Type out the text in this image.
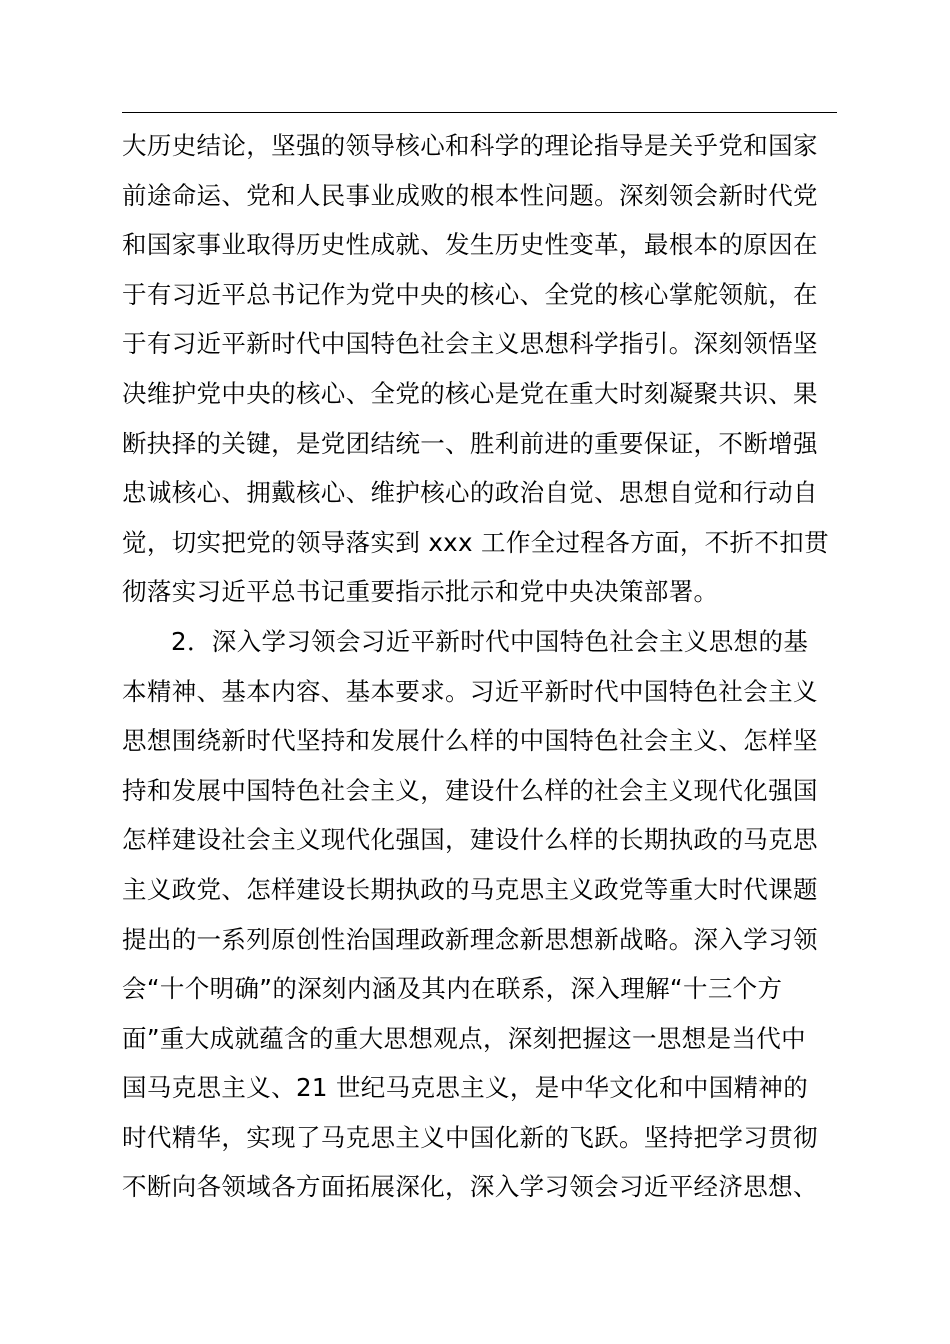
大历史结论，坚强的领导核心和科学的理论指导是关乎党和国家
前途命运、党和人民事业成败的根本性问题。深刻领会新时代党
和国家事业取得历史性成就、发生历史性变革，最根本的原因在
于有习近平总书记作为党中央的核心、全党的核心掌舵领航，在
于有习近平新时代中国特色社会主义思想科学指引。深刻领悟坚
决维护党中央的核心、全党的核心是党在重大时刻凝聚共识、果
断抉择的关键，是党团结统一、胜利前进的重要保证，不断增强
忠诚核心、拥戴核心、维护核心的政治自觉、思想自觉和行动自
觉，切实把党的领导落实到 xxx 工作全过程各方面，不折不扣贯
彻落实习近平总书记重要指示批示和党中央决策部署。
2．深入学习领会习近平新时代中国特色社会主义思想的基
本精神、基本内容、基本要求。习近平新时代中国特色社会主义
思想围绕新时代坚持和发展什么样的中国特色社会主义、怎样坚
持和发展中国特色社会主义，建设什么样的社会主义现代化强国
怎样建设社会主义现代化强国，建设什么样的长期执政的马克思
主义政党、怎样建设长期执政的马克思主义政党等重大时代课题
提出的一系列原创性治国理政新理念新思想新战略。深入学习领
会“十个明确”的深刻内涵及其内在联系，深入理解“十三个方
面”重大成就蕴含的重大思想观点，深刻把握这一思想是当代中
国马克思主义、21 世纪马克思主义，是中华文化和中国精神的
时代精华，实现了马克思主义中国化新的飞跃。坚持把学习贯彻
不断向各领域各方面拓展深化，深入学习领会习近平经济思想、
